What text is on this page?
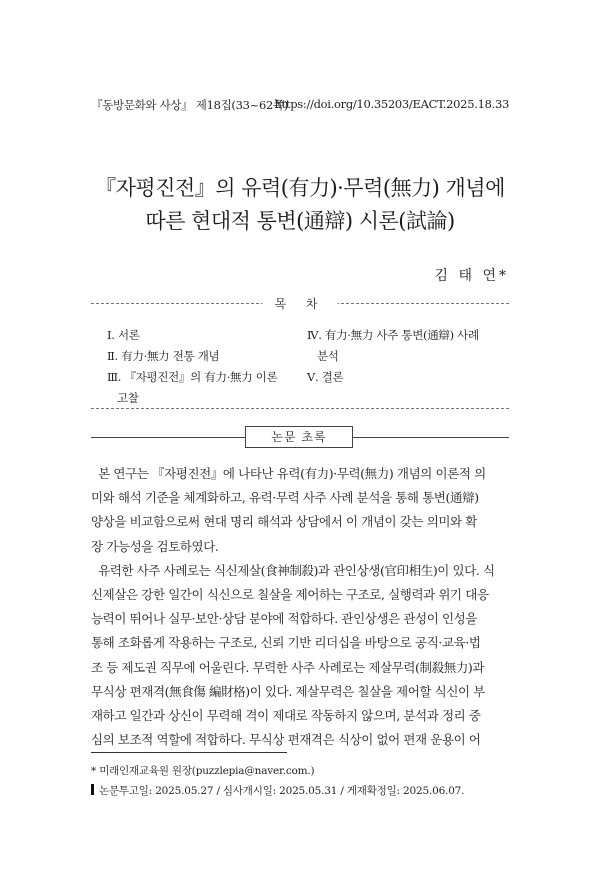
『동방문화와 사상』 제18집(33~62쪽)
https://doi.org/10.35203/EACT.2025.18.33
『자평진전』의 유력(有力)·무력(無力) 개념에
따른 현대적 통변(通辯) 시론(試論)
김 태 연*
목 차
Ⅰ. 서론
Ⅱ. 有力·無力 전통 개념
Ⅲ. 『자평진전』의 有力·無力 이론
고찰
Ⅳ. 有力·無力 사주 통변(通辯) 사례
분석
Ⅴ. 결론
논문 초록
본 연구는 『자평진전』에 나타난 유력(有力)·무력(無力) 개념의 이론적 의
미와 해석 기준을 체계화하고, 유력·무력 사주 사례 분석을 통해 통변(通辯)
양상을 비교함으로써 현대 명리 해석과 상담에서 이 개념이 갖는 의미와 확
장 가능성을 검토하였다.
유력한 사주 사례로는 식신제살(食神制殺)과 관인상생(官印相生)이 있다. 식
신제살은 강한 일간이 식신으로 칠살을 제어하는 구조로, 실행력과 위기 대응
능력이 뛰어나 실무·보안·상담 분야에 적합하다. 관인상생은 관성이 인성을
통해 조화롭게 작용하는 구조로, 신뢰 기반 리더십을 바탕으로 공직·교육·법
조 등 제도권 직무에 어울린다. 무력한 사주 사례로는 제살무력(制殺無力)과
무식상 편재격(無食傷 編財格)이 있다. 제살무력은 칠살을 제어할 식신이 부
재하고 일간과 상신이 무력해 격이 제대로 작동하지 않으며, 분석과 정리 중
심의 보조적 역할에 적합하다. 무식상 편재격은 식상이 없어 편재 운용이 어
* 미래인재교육원 원장(puzzlepia@naver.com.)
논문투고일: 2025.05.27 / 심사개시일: 2025.05.31 / 게재확정일: 2025.06.07.
